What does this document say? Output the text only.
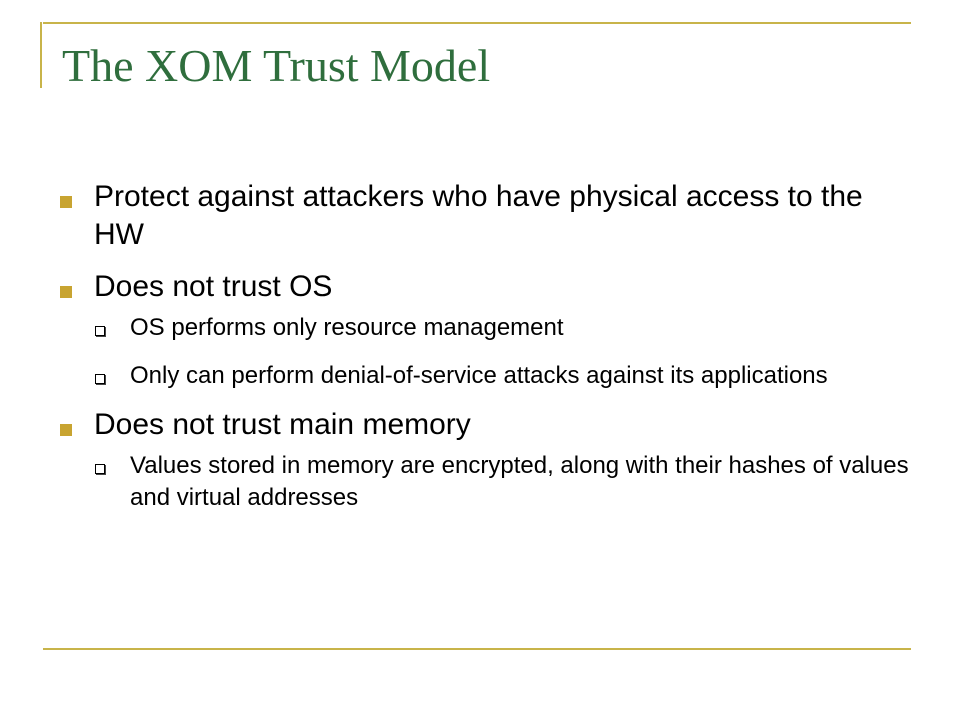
The XOM Trust Model
Protect against attackers who have physical access to the HW
Does not trust OS
OS performs only resource management
Only can perform denial-of-service attacks against its applications
Does not trust main memory
Values stored in memory are encrypted, along with their hashes of values and virtual addresses
